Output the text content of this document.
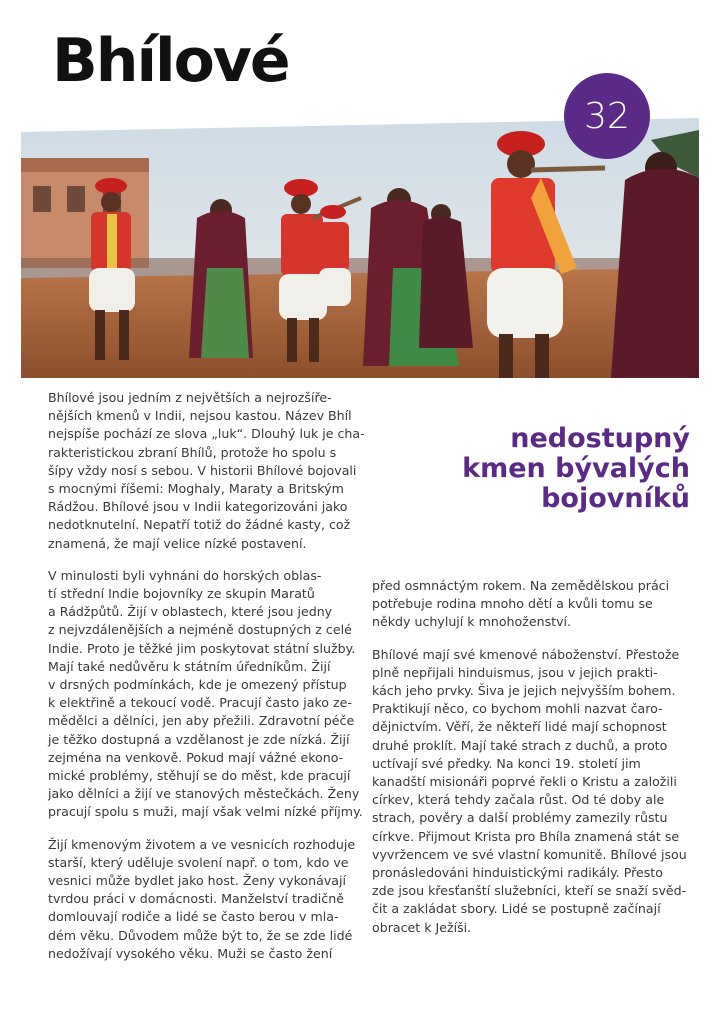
Bhílové
32
nedostupný
kmen bývalých
bojovníků

Bhílové jsou jedním z největších a nejrozšíře-
nějších kmenů v Indii, nejsou kastou. Název Bhíl
nejspíše pochází ze slova „luk“. Dlouhý luk je cha-
rakteristickou zbraní Bhílů, protože ho spolu s
šípy vždy nosí s sebou. V historii Bhílové bojovali
s mocnými říšemi: Moghaly, Maraty a Britským
Rádžou. Bhílové jsou v Indii kategorizováni jako
nedotknutelní. Nepatří totiž do žádné kasty, což
znamená, že mají velice nízké postavení.

V minulosti byli vyhnáni do horských oblas-
tí střední Indie bojovníky ze skupin Maratů
a Rádžpůtů. Žijí v oblastech, které jsou jedny
z nejvzdálenějších a nejméně dostupných z celé
Indie. Proto je těžké jim poskytovat státní služby.
Mají také nedůvěru k státním úředníkům. Žijí
v drsných podmínkách, kde je omezený přístup
k elektřině a tekoucí vodě. Pracují často jako ze-
mědělci a dělníci, jen aby přežili. Zdravotní péče
je těžko dostupná a vzdělanost je zde nízká. Žijí
zejména na venkově. Pokud mají vážné ekono-
mické problémy, stěhují se do měst, kde pracují
jako dělníci a žijí ve stanových městečkách. Ženy
pracují spolu s muži, mají však velmi nízké příjmy.

Žijí kmenovým životem a ve vesnicích rozhoduje
starší, který uděluje svolení např. o tom, kdo ve
vesnici může bydlet jako host. Ženy vykonávají
tvrdou práci v domácnosti. Manželství tradičně
domlouvají rodiče a lidé se často berou v mla-
dém věku. Důvodem může být to, že se zde lidé
nedožívají vysokého věku. Muži se často žení

před osmnáctým rokem. Na zemědělskou práci
potřebuje rodina mnoho dětí a kvůli tomu se
někdy uchylují k mnohoženství.

Bhílové mají své kmenové náboženství. Přestože
plně nepřijali hinduismus, jsou v jejich prakti-
kách jeho prvky. Šiva je jejich nejvyšším bohem.
Praktikují něco, co bychom mohli nazvat čaro-
dějnictvím. Věří, že někteří lidé mají schopnost
druhé proklít. Mají také strach z duchů, a proto
uctívají své předky. Na konci 19. století jim
kanadští misionáři poprvé řekli o Kristu a založili
církev, která tehdy začala růst. Od té doby ale
strach, pověry a další problémy zamezily růstu
církve. Přijmout Krista pro Bhíla znamená stát se
vyvržencem ve své vlastní komunitě. Bhílové jsou
pronásledováni hinduistickými radikály. Přesto
zde jsou křesťanští služebníci, kteří se snaží svěd-
čit a zakládat sbory. Lidé se postupně začínají
obracet k Ježíši.
